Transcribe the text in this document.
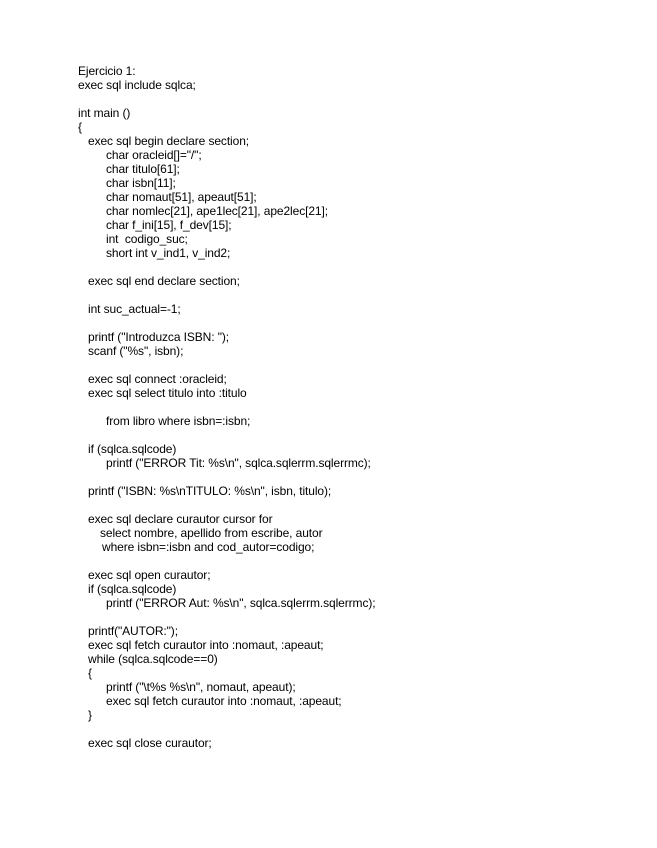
Ejercicio 1:
exec sql include sqlca;
int main ()
{
exec sql begin declare section;
char oracleid[]="/";
char titulo[61];
char isbn[11];
char nomaut[51], apeaut[51];
char nomlec[21], ape1lec[21], ape2lec[21];
char f_ini[15], f_dev[15];
int  codigo_suc;
short int v_ind1, v_ind2;
exec sql end declare section;
int suc_actual=-1;
printf ("Introduzca ISBN: ");
scanf ("%s", isbn);
exec sql connect :oracleid;
exec sql select titulo into :titulo
from libro where isbn=:isbn;
if (sqlca.sqlcode)
printf ("ERROR Tit: %s\n", sqlca.sqlerrm.sqlerrmc);
printf ("ISBN: %s\nTITULO: %s\n", isbn, titulo);
exec sql declare curautor cursor for
select nombre, apellido from escribe, autor
where isbn=:isbn and cod_autor=codigo;
exec sql open curautor;
if (sqlca.sqlcode)
printf ("ERROR Aut: %s\n", sqlca.sqlerrm.sqlerrmc);
printf("AUTOR:");
exec sql fetch curautor into :nomaut, :apeaut;
while (sqlca.sqlcode==0)
{
printf ("\t%s %s\n", nomaut, apeaut);
exec sql fetch curautor into :nomaut, :apeaut;
}
exec sql close curautor;
